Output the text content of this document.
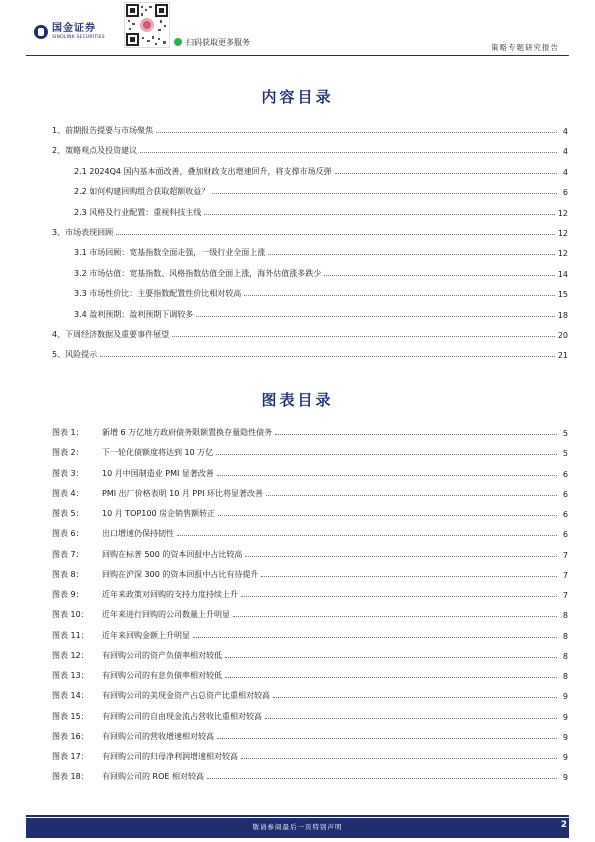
国金证券
SINOLINK SECURITIES
扫码获取更多服务
策略专题研究报告
内容目录
1、前期报告提要与市场聚焦	4
2、策略观点及投资建议	4
2.1 2024Q4 国内基本面改善，叠加财政支出增速回升，将支撑市场反弹	4
2.2 如何构建回购组合获取超额收益？	6
2.3 风格及行业配置：重视科技主线	12
3、市场表现回顾	12
3.1 市场回顾：宽基指数全面走强，一级行业全面上涨	12
3.2 市场估值：宽基指数、风格指数估值全面上涨，海外估值涨多跌少	14
3.3 市场性价比：主要指数配置性价比相对较高	15
3.4 盈利预期：盈利预期下调较多	18
4、下周经济数据及重要事件展望	20
5、风险提示	21
图表目录
图表 1：	新增 6 万亿地方政府债务限额置换存量隐性债务	5
图表 2：	下一轮化债额度将达到 10 万亿	5
图表 3：	10 月中国制造业 PMI 显著改善	6
图表 4：	PMI 出厂价格表明 10 月 PPI 环比将显著改善	6
图表 5：	10 月 TOP100 房企销售额转正	6
图表 6：	出口增速仍保持韧性	6
图表 7：	回购在标普 500 的资本回报中占比较高	7
图表 8：	回购在沪深 300 的资本回报中占比有待提升	7
图表 9：	近年来政策对回购的支持力度持续上升	7
图表 10：	近年来进行回购的公司数量上升明显	8
图表 11：	近年来回购金额上升明显	8
图表 12：	有回购公司的资产负债率相对较低	8
图表 13：	有回购公司的有息负债率相对较低	8
图表 14：	有回购公司的美现金资产占总资产比重相对较高	9
图表 15：	有回购公司的自由现金流占营收比重相对较高	9
图表 16：	有回购公司的营收增速相对较高	9
图表 17：	有回购公司的归母净利润增速相对较高	9
图表 18：	有回购公司的 ROE 相对较高	9
敬请参阅最后一页特别声明	2
